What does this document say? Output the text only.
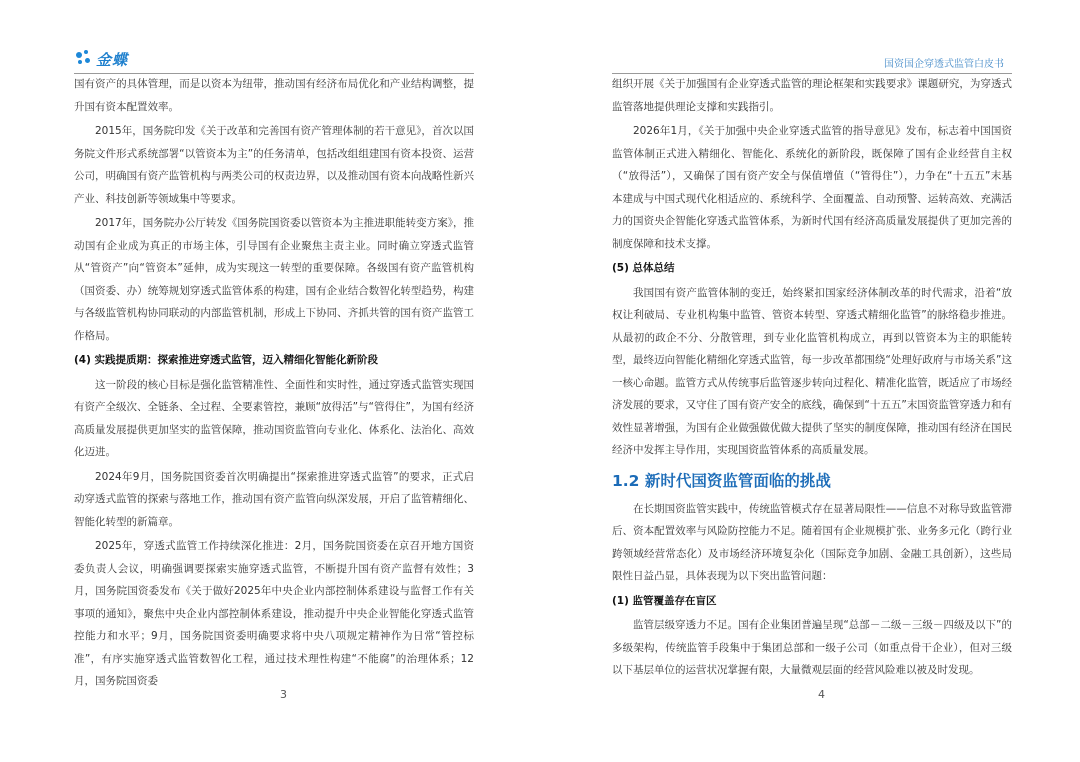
金蝶	国资国企穿透式监管白皮书

国有资产的具体管理，而是以资本为纽带，推动国有经济布局优化和产业结构调整，提升国有资本配置效率。

2015年，国务院印发《关于改革和完善国有资产管理体制的若干意见》，首次以国务院文件形式系统部署“以管资本为主”的任务清单，包括改组组建国有资本投资、运营公司，明确国有资产监管机构与两类公司的权责边界，以及推动国有资本向战略性新兴产业、科技创新等领域集中等要求。

2017年，国务院办公厅转发《国务院国资委以管资本为主推进职能转变方案》，推动国有企业成为真正的市场主体，引导国有企业聚焦主责主业。同时确立穿透式监管从“管资产”向“管资本”延伸，成为实现这一转型的重要保障。各级国有资产监管机构（国资委、办）统筹规划穿透式监管体系的构建，国有企业结合数智化转型趋势，构建与各级监管机构协同联动的内部监管机制，形成上下协同、齐抓共管的国有资产监管工作格局。

(4) 实践提质期：探索推进穿透式监管，迈入精细化智能化新阶段

这一阶段的核心目标是强化监管精准性、全面性和实时性，通过穿透式监管实现国有资产全级次、全链条、全过程、全要素管控，兼顾“放得活”与“管得住”，为国有经济高质量发展提供更加坚实的监管保障，推动国资监管向专业化、体系化、法治化、高效化迈进。

2024年9月，国务院国资委首次明确提出“探索推进穿透式监管”的要求，正式启动穿透式监管的探索与落地工作，推动国有资产监管向纵深发展，开启了监管精细化、智能化转型的新篇章。

2025年，穿透式监管工作持续深化推进：2月，国务院国资委在京召开地方国资委负责人会议，明确强调要探索实施穿透式监管，不断提升国有资产监督有效性；3月，国务院国资委发布《关于做好2025年中央企业内部控制体系建设与监督工作有关事项的通知》，聚焦中央企业内部控制体系建设，推动提升中央企业智能化穿透式监管控能力和水平；9月，国务院国资委明确要求将中央八项规定精神作为日常“管控标准”，有序实施穿透式监管数智化工程，通过技术理性构建“不能腐”的治理体系；12月，国务院国资委

3

组织开展《关于加强国有企业穿透式监管的理论框架和实践要求》课题研究，为穿透式监管落地提供理论支撑和实践指引。

2026年1月，《关于加强中央企业穿透式监管的指导意见》发布，标志着中国国资监管体制正式进入精细化、智能化、系统化的新阶段，既保障了国有企业经营自主权（“放得活”），又确保了国有资产安全与保值增值（“管得住”），力争在“十五五”末基本建成与中国式现代化相适应的、系统科学、全面覆盖、自动预警、运转高效、充满活力的国资央企智能化穿透式监管体系，为新时代国有经济高质量发展提供了更加完善的制度保障和技术支撑。

(5) 总体总结

我国国有资产监管体制的变迁，始终紧扣国家经济体制改革的时代需求，沿着“放权让利破局、专业机构集中监管、管资本转型、穿透式精细化监管”的脉络稳步推进。从最初的政企不分、分散管理，到专业化监管机构成立，再到以管资本为主的职能转型，最终迈向智能化精细化穿透式监管，每一步改革都围绕“处理好政府与市场关系”这一核心命题。监管方式从传统事后监管逐步转向过程化、精准化监管，既适应了市场经济发展的要求，又守住了国有资产安全的底线，确保到“十五五”末国资监管穿透力和有效性显著增强，为国有企业做强做优做大提供了坚实的制度保障，推动国有经济在国民经济中发挥主导作用，实现国资监管体系的高质量发展。

1.2 新时代国资监管面临的挑战

在长期国资监管实践中，传统监管模式存在显著局限性——信息不对称导致监管滞后、资本配置效率与风险防控能力不足。随着国有企业规模扩张、业务多元化（跨行业跨领域经营常态化）及市场经济环境复杂化（国际竞争加剧、金融工具创新），这些局限性日益凸显，具体表现为以下突出监管问题：

(1) 监管覆盖存在盲区

监管层级穿透力不足。国有企业集团普遍呈现“总部－二级－三级－四级及以下”的多级架构，传统监管手段集中于集团总部和一级子公司（如重点骨干企业），但对三级以下基层单位的运营状况掌握有限，大量微观层面的经营风险难以被及时发现。

4
